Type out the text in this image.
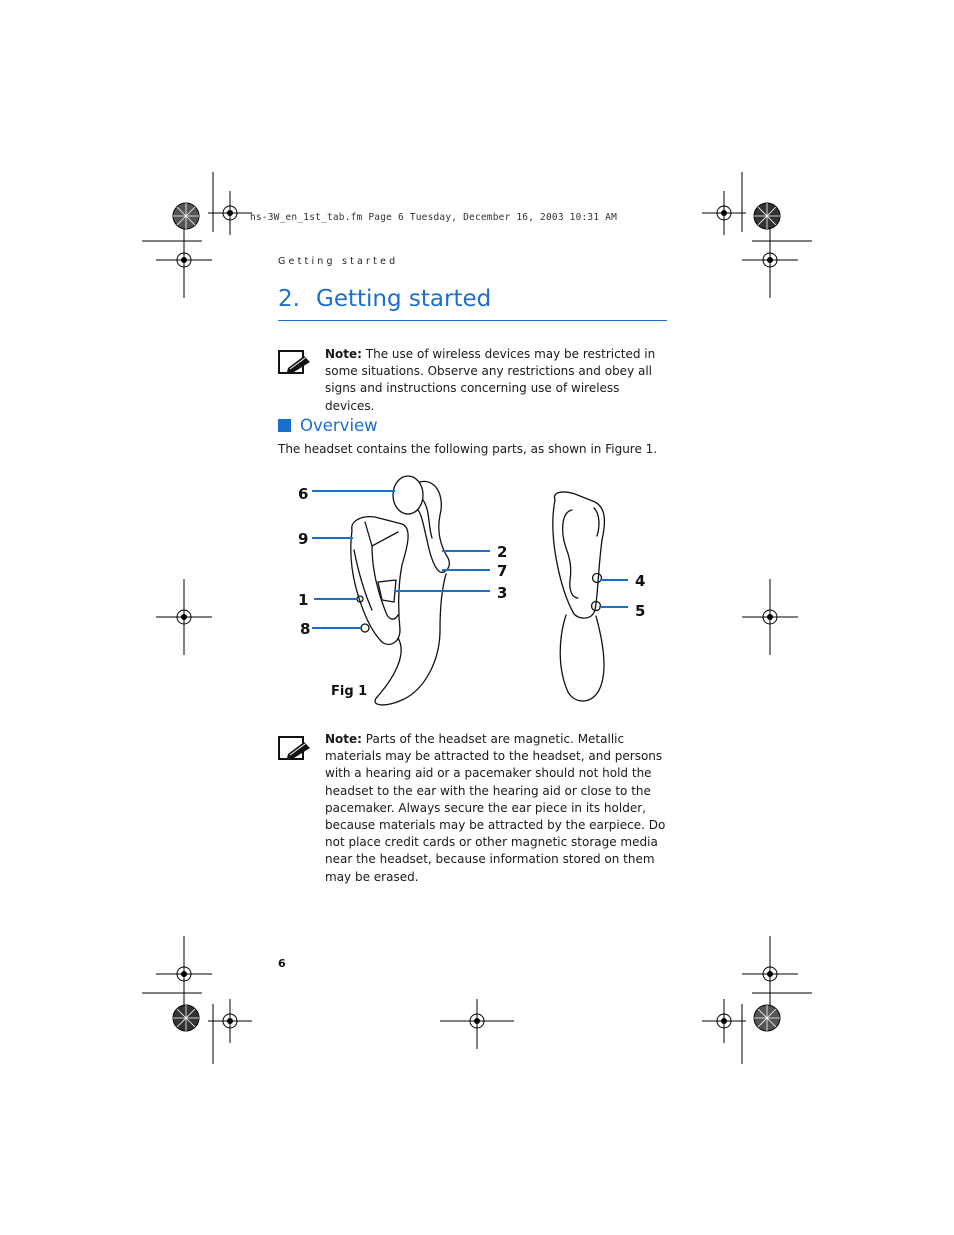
hs-3W_en_1st_tab.fm Page 6 Tuesday, December 16, 2003 10:31 AM
Getting started
2. Getting started
Note: The use of wireless devices may be restricted in some situations. Observe any restrictions and obey all signs and instructions concerning use of wireless devices.
Overview
The headset contains the following parts, as shown in Figure 1.
6
9
1
8
2
7
3
4
5
Fig 1
Note: Parts of the headset are magnetic. Metallic materials may be attracted to the headset, and persons with a hearing aid or a pacemaker should not hold the headset to the ear with the hearing aid or close to the pacemaker. Always secure the ear piece in its holder, because materials may be attracted by the earpiece. Do not place credit cards or other magnetic storage media near the headset, because information stored on them may be erased.
6
